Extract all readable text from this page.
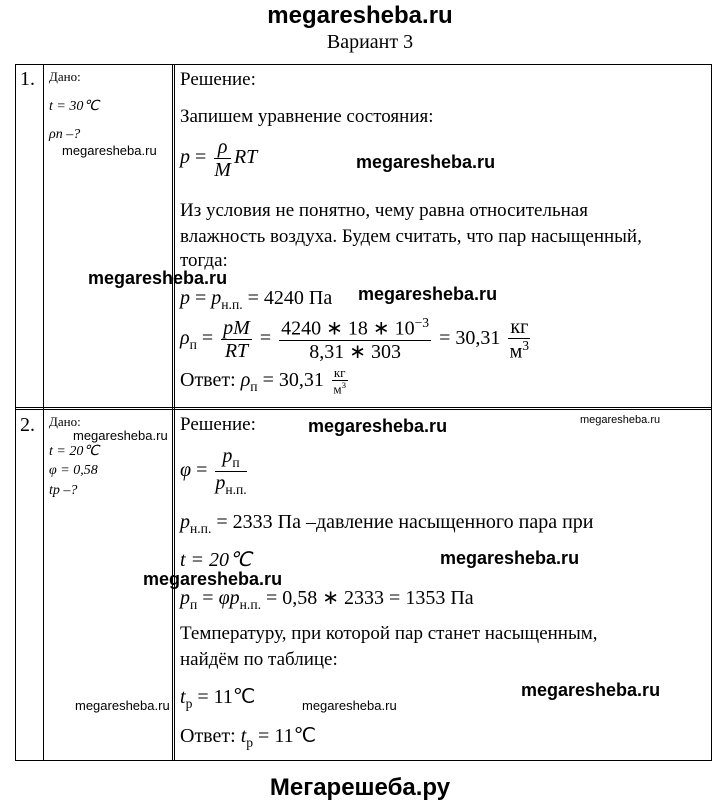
megaresheba.ru
Вариант 3
1. Дано:
t = 30℃
ρп –?
Решение:
Запишем уравнение состояния:
$p = \frac{\rho}{M}$ RT
Из условия не понятно, чему равна относительная
влажность воздуха. Будем считать, что пар насыщенный,
тогда:
$p = p_{н.п.} = 4240$ Па
$\rho_п = \frac{pM}{RT} = \frac{4240 ∗ 18 ∗ 10^{-3}}{8,31 ∗ 303} = 30,31 \frac{кг}{м^3}$
Ответ: $\rho_п = 30,31 \frac{кг}{м^3}$
2. Дано:
t = 20℃
φ = 0,58
tр –?
Решение:
$\varphi = \frac{p_п}{p_{н.п.}}$
$p_{н.п.} = 2333$ Па –давление насыщенного пара при
t = 20℃
$p_п = \varphi p_{н.п.} = 0,58$ ∗ 2333 = 1353 Па
Температуру, при которой пар станет насыщенным,
найдём по таблице:
$t_р$ = 11℃
Ответ: $t_р$ = 11℃
megaresheba.ru
megaresheba.ru
megaresheba.ru
megaresheba.ru
megaresheba.ru	megaresheba.ru
megaresheba.ru
megaresheba.ru
megaresheba.ru
megaresheba.ru
megaresheba.ru	megaresheba.ru
Мегарешеба.ру
